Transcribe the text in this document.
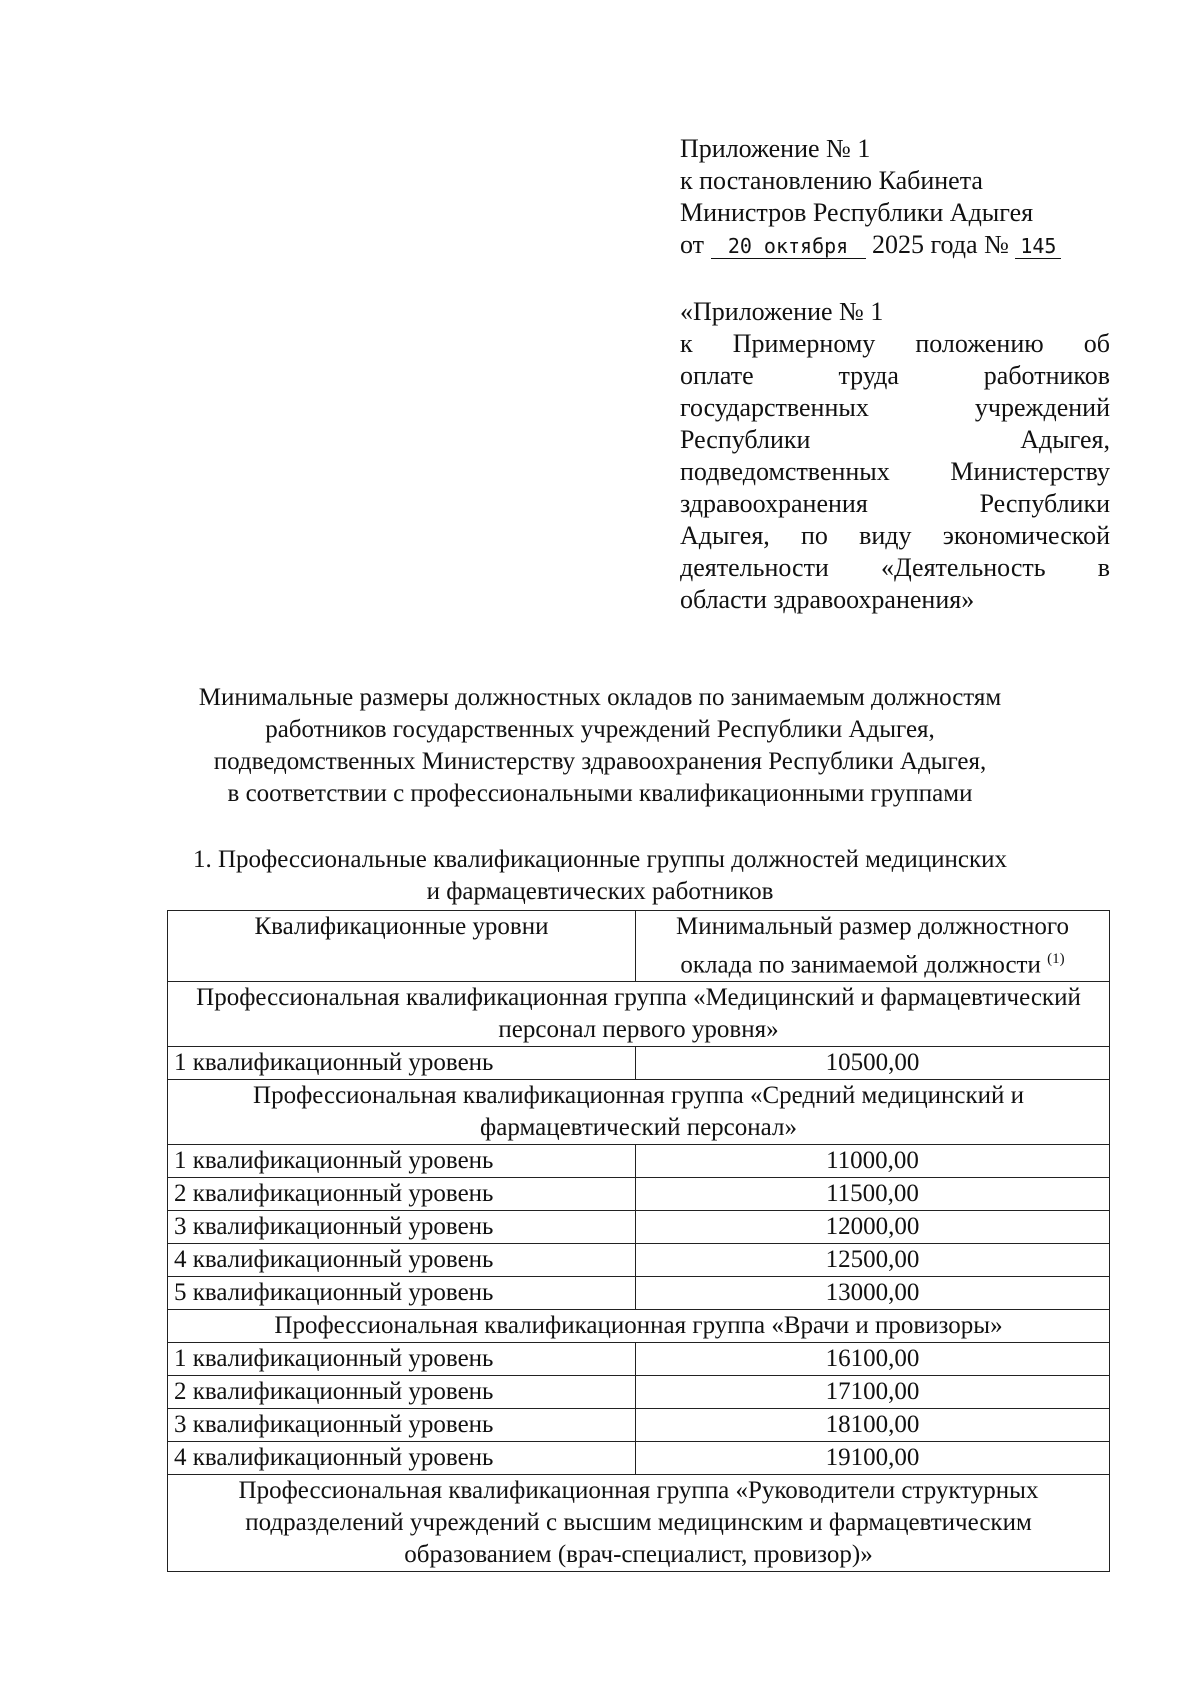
Приложение № 1
к постановлению Кабинета
Министров Республики Адыгея
от 20 октября 2025 года № 145
«Приложение № 1
к Примерному положению об
оплате труда работников
государственных учреждений
Республики Адыгея,
подведомственных Министерству
здравоохранения Республики
Адыгея, по виду экономической
деятельности «Деятельность в
области здравоохранения»
Минимальные размеры должностных окладов по занимаемым должностям
работников государственных учреждений Республики Адыгея,
подведомственных Министерству здравоохранения Республики Адыгея,
в соответствии с профессиональными квалификационными группами
1. Профессиональные квалификационные группы должностей медицинских
и фармацевтических работников
Квалификационные уровни	Минимальный размер должностного
оклада по занимаемой должности $^{(1)}$
Профессиональная квалификационная группа «Медицинский и фармацевтический персонал первого уровня»	
1 квалификационный уровень	10500,00
Профессиональная квалификационная группа «Средний медицинский и фармацевтический персонал»	
1 квалификационный уровень	11000,00
2 квалификационный уровень	11500,00
3 квалификационный уровень	12000,00
4 квалификационный уровень	12500,00
5 квалификационный уровень	13000,00
Профессиональная квалификационная группа «Врачи и провизоры»	
1 квалификационный уровень	16100,00
2 квалификационный уровень	17100,00
3 квалификационный уровень	18100,00
4 квалификационный уровень	19100,00
Профессиональная квалификационная группа «Руководители структурных подразделений учреждений с высшим медицинским и фармацевтическим образованием (врач-специалист, провизор)»	
